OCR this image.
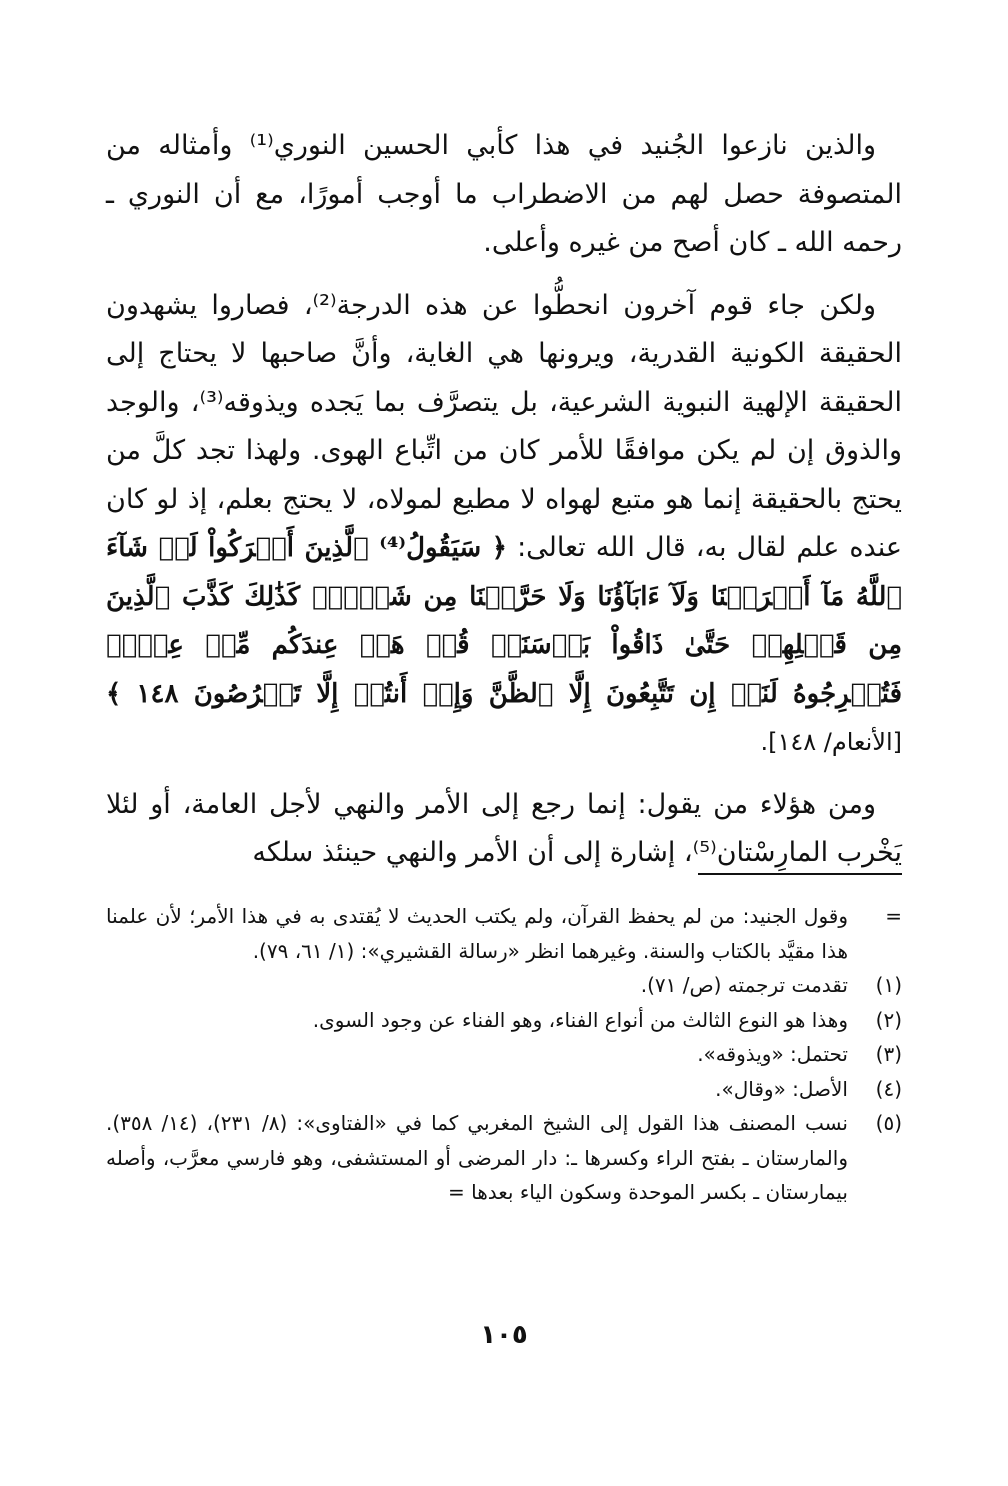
والذين نازعوا الجُنيد في هذا كأبي الحسين النوري⁽¹⁾ وأمثاله من المتصوفة حصل لهم من الاضطراب ما أوجب أمورًا، مع أن النوري ـ رحمه الله ـ كان أصح من غيره وأعلى.

ولكن جاء قوم آخرون انحطُّوا عن هذه الدرجة⁽²⁾، فصاروا يشهدون الحقيقة الكونية القدرية، ويرونها هي الغاية، وأنَّ صاحبها لا يحتاج إلى الحقيقة الإلهية النبوية الشرعية، بل يتصرَّف بما يَجده ويذوقه⁽³⁾، والوجد والذوق إن لم يكن موافقًا للأمر كان من اتِّباع الهوى. ولهذا تجد كلَّ من يحتج بالحقيقة إنما هو متبع لهواه لا مطيع لمولاه، لا يحتج بعلم، إذ لو كان عنده علم لقال به، قال الله تعالى: ﴿ سَيَقُولُ⁽⁴⁾ ٱلَّذِينَ أَشۡرَكُواْ لَوۡ شَآءَ ٱللَّهُ مَآ أَشۡرَكۡنَا وَلَآ ءَابَآؤُنَا وَلَا حَرَّمۡنَا مِن شَيۡءٖۚ كَذَٰلِكَ كَذَّبَ ٱلَّذِينَ مِن قَبۡلِهِمۡ حَتَّىٰ ذَاقُواْ بَأۡسَنَاۗ قُلۡ هَلۡ عِندَكُم مِّنۡ عِلۡمٖ فَتُخۡرِجُوهُ لَنَآۖ إِن تَتَّبِعُونَ إِلَّا ٱلظَّنَّ وَإِنۡ أَنتُمۡ إِلَّا تَخۡرُصُونَ ١٤٨ ﴾ [الأنعام/ ١٤٨].

ومن هؤلاء من يقول: إنما رجع إلى الأمر والنهي لأجل العامة، أو لئلا يَخْرب المارِسْتان⁽⁵⁾، إشارة إلى أن الأمر والنهي حينئذ سلكه

=
وقول الجنيد: من لم يحفظ القرآن، ولم يكتب الحديث لا يُقتدى به في هذا الأمر؛ لأن علمنا هذا مقيَّد بالكتاب والسنة. وغيرهما انظر «رسالة القشيري»: (١/ ٦١، ٧٩).
(١)
تقدمت ترجمته (ص/ ٧١).
(٢)
وهذا هو النوع الثالث من أنواع الفناء، وهو الفناء عن وجود السوى.
(٣)
تحتمل: «ويذوقه».
(٤)
الأصل: «وقال».
(٥)
نسب المصنف هذا القول إلى الشيخ المغربي كما في «الفتاوى»: (٨/ ٢٣١)، (١٤/ ٣٥٨). والمارستان ـ بفتح الراء وكسرها ـ: دار المرضى أو المستشفى، وهو فارسي معرَّب، وأصله بيمارستان ـ بكسر الموحدة وسكون الياء بعدها =
١٠٥
